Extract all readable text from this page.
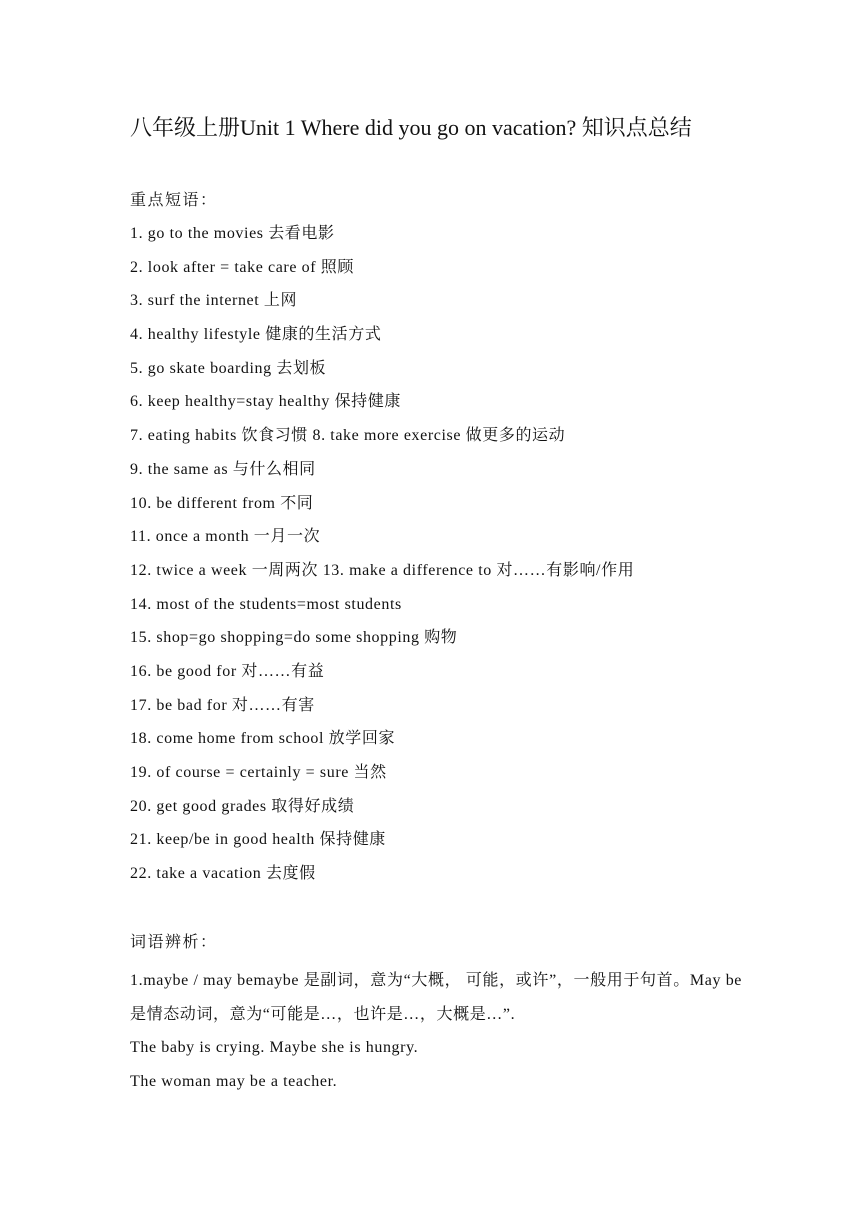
八年级上册Unit 1 Where did you go on vacation? 知识点总结
重点短语：
1. go to the movies 去看电影
2. look after = take care of 照顾
3. surf the internet 上网
4. healthy lifestyle 健康的生活方式
5. go skate boarding 去划板
6. keep healthy=stay healthy 保持健康
7. eating habits 饮食习惯 8. take more exercise 做更多的运动
9. the same as 与什么相同
10. be different from 不同
11. once a month 一月一次
12. twice a week 一周两次 13. make a difference to 对……有影响/作用
14. most of the students=most students
15. shop=go shopping=do some shopping 购物
16. be good for 对……有益
17. be bad for 对……有害
18. come home from school 放学回家
19. of course = certainly = sure 当然
20. get good grades 取得好成绩
21. keep/be in good health 保持健康
22. take a vacation 去度假
词语辨析：

1.maybe / may bemaybe 是副词，意为“大概， 可能，或许”，一般用于句首。May be 是情态动词，意为“可能是…，也许是…，大概是…”.

The baby is crying. Maybe she is hungry.

The woman may be a teacher.
